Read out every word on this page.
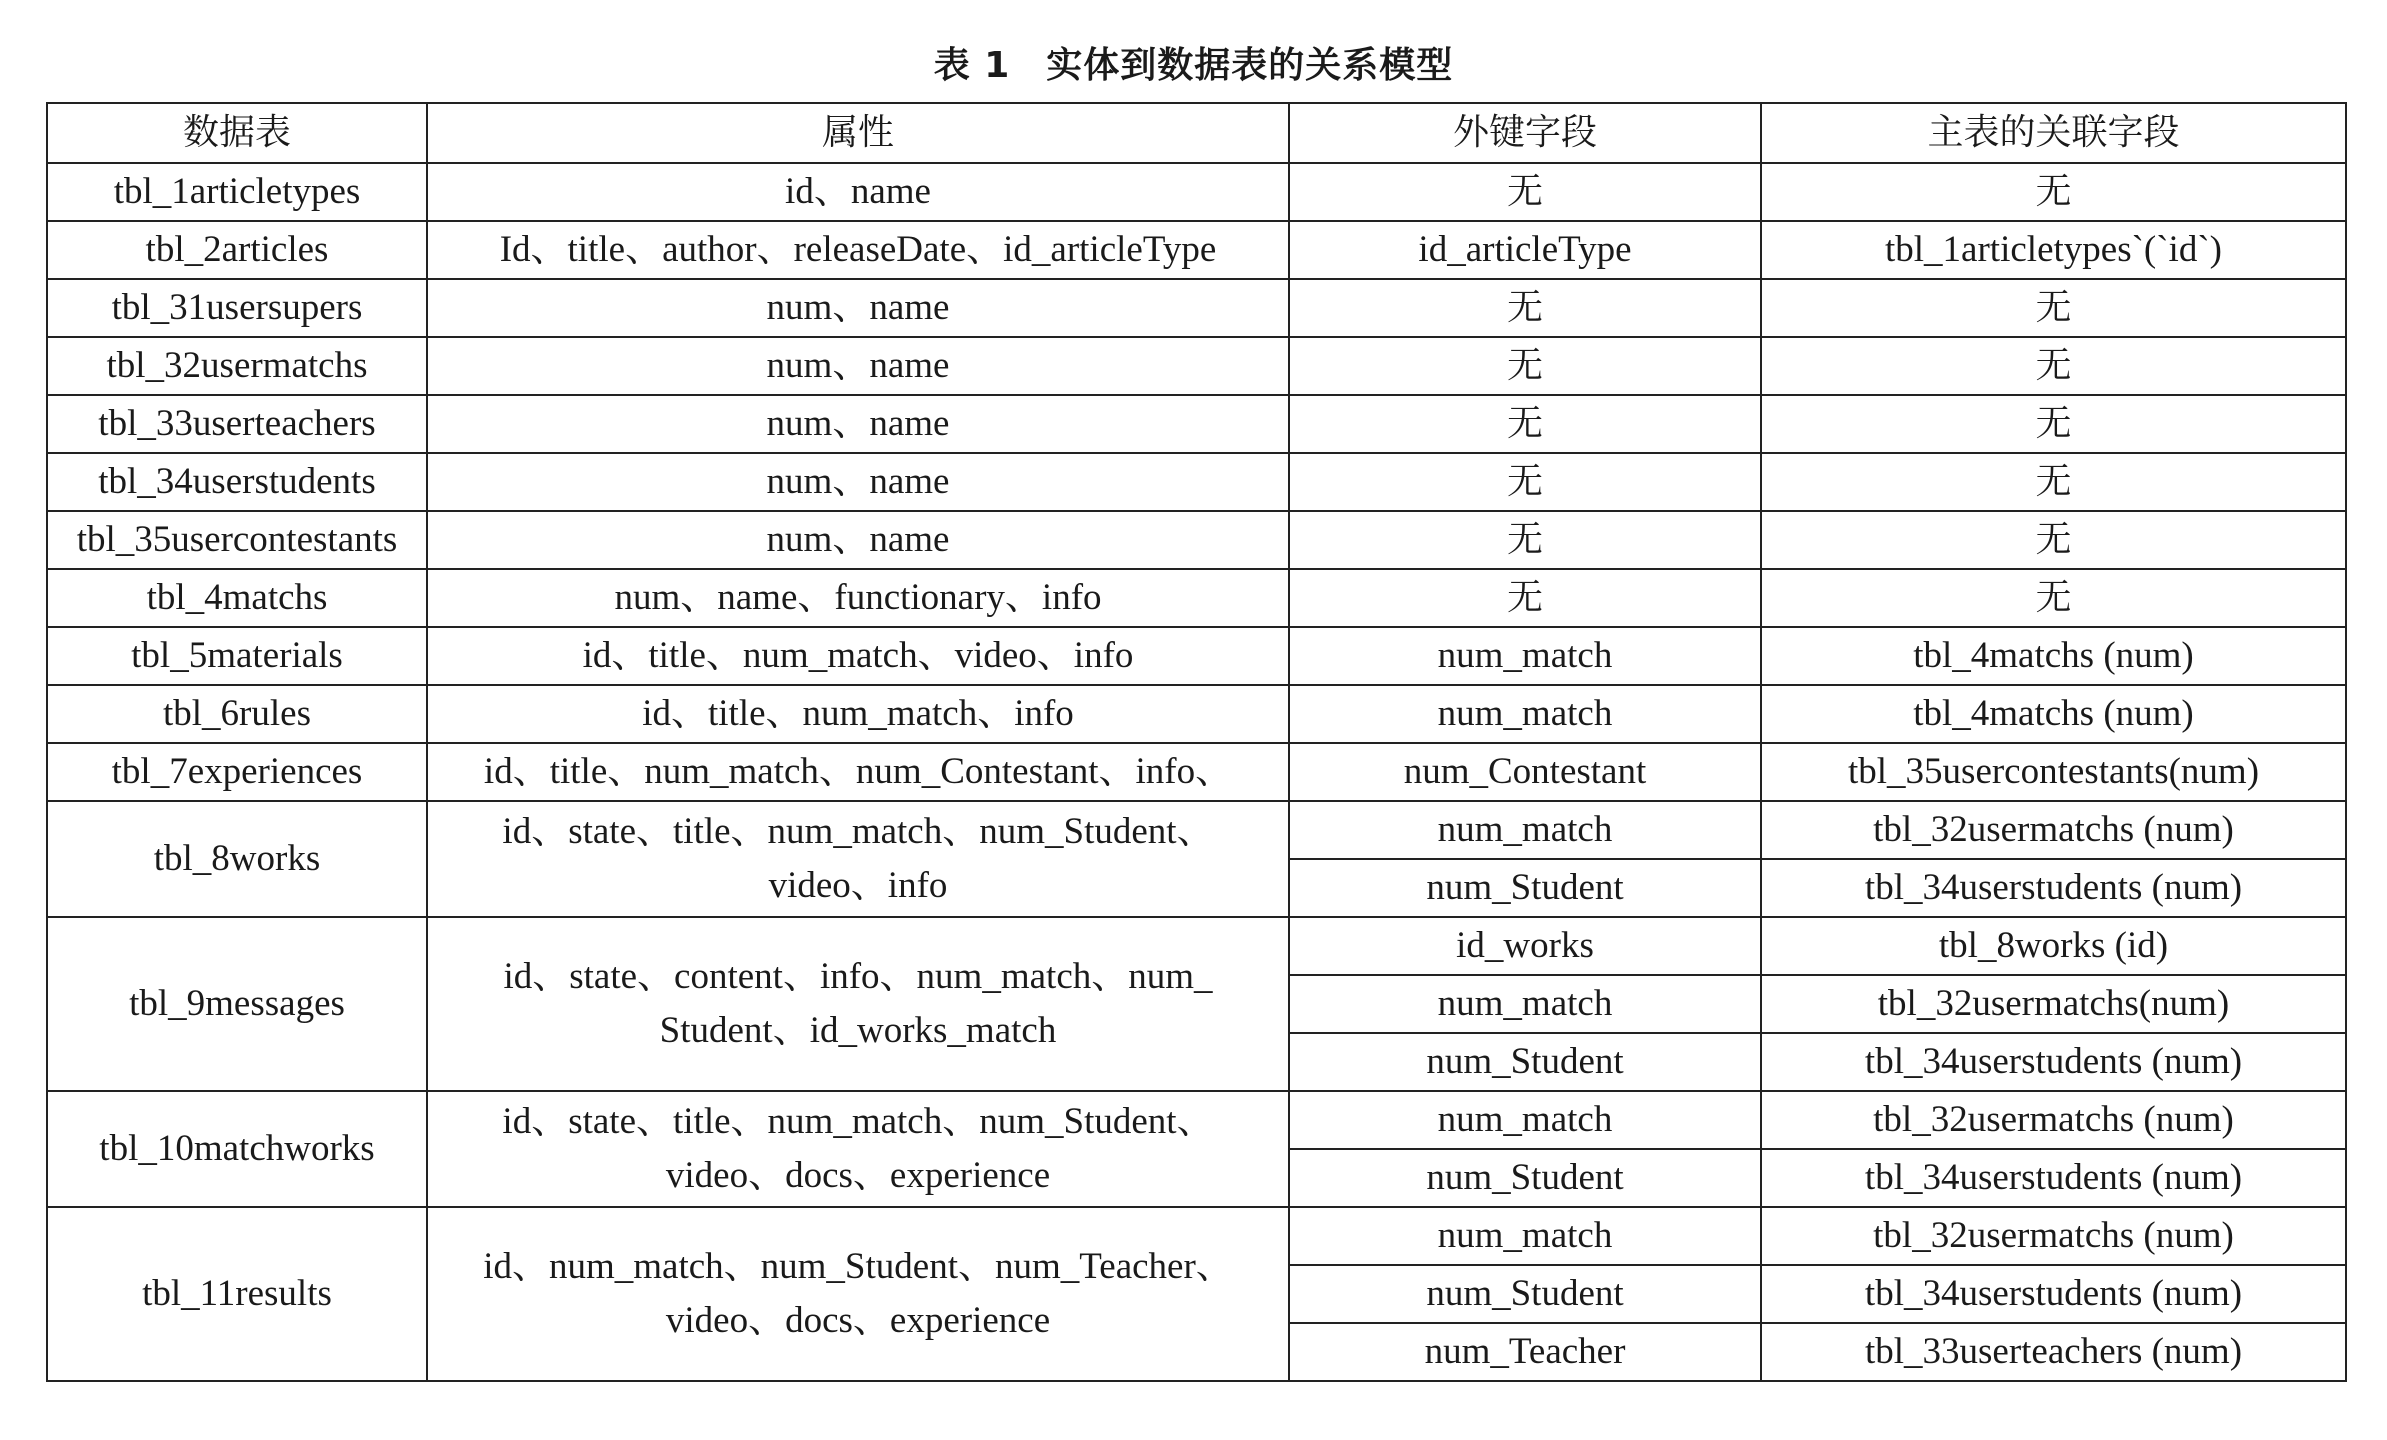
表 1 实体到数据表的关系模型
数据表	属性	外键字段	主表的关联字段
tbl_1articletypes	id、name	无	无
tbl_2articles	Id、title、author、releaseDate、id_articleType	id_articleType	tbl_1articletypes`(`id`)
tbl_31usersupers	num、name	无	无
tbl_32usermatchs	num、name	无	无
tbl_33userteachers	num、name	无	无
tbl_34userstudents	num、name	无	无
tbl_35usercontestants	num、name	无	无
tbl_4matchs	num、name、functionary、info	无	无
tbl_5materials	id、title、num_match、video、info	num_match	tbl_4matchs (num)
tbl_6rules	id、title、num_match、info	num_match	tbl_4matchs (num)
tbl_7experiences	id、title、num_match、num_Contestant、info、	num_Contestant	tbl_35usercontestants(num)
tbl_8works	id、state、title、num_match、num_Student、video、info	num_match	tbl_32usermatchs (num)
		num_Student	tbl_34userstudents (num)
tbl_9messages	id、state、content、info、num_match、num_ Student、id_works_match	id_works	tbl_8works (id)
		num_match	tbl_32usermatchs(num)
		num_Student	tbl_34userstudents (num)
tbl_10matchworks	id、state、title、num_match、num_Student、video、docs、experience	num_match	tbl_32usermatchs (num)
		num_Student	tbl_34userstudents (num)
tbl_11results	id、num_match、num_Student、num_Teacher、video、docs、experience	num_match	tbl_32usermatchs (num)
		num_Student	tbl_34userstudents (num)
		num_Teacher	tbl_33userteachers (num)
